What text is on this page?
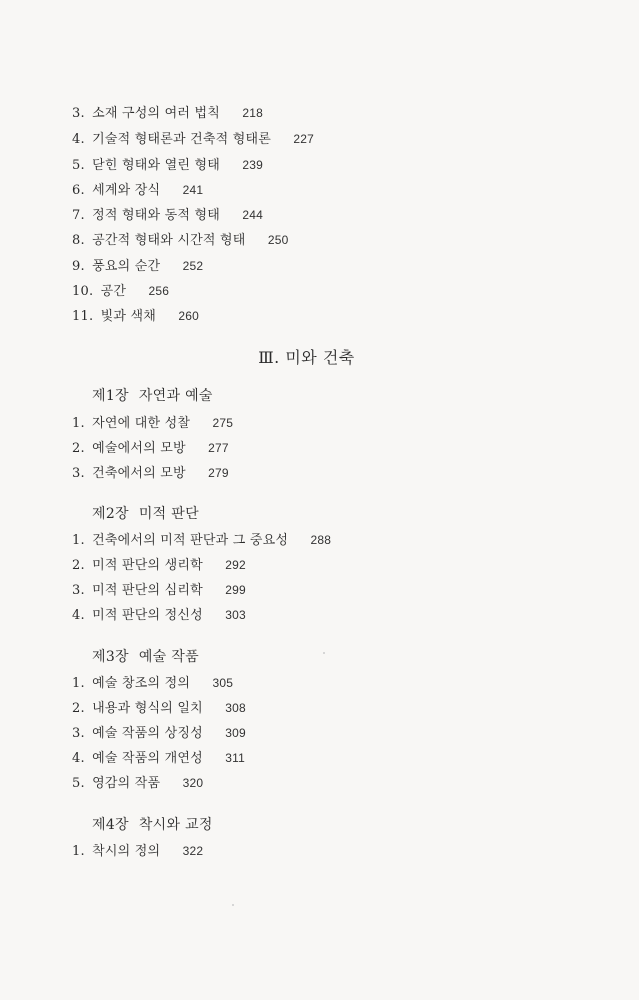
3. 소재 구성의 여러 법칙 218
4. 기술적 형태론과 건축적 형태론 227
5. 닫힌 형태와 열린 형태 239
6. 세계와 장식 241
7. 정적 형태와 동적 형태 244
8. 공간적 형태와 시간적 형태 250
9. 풍요의 순간 252
10. 공간 256
11. 빛과 색채 260
Ⅲ. 미와 건축
제1장 자연과 예술
1. 자연에 대한 성찰 275
2. 예술에서의 모방 277
3. 건축에서의 모방 279
제2장 미적 판단
1. 건축에서의 미적 판단과 그 중요성 288
2. 미적 판단의 생리학 292
3. 미적 판단의 심리학 299
4. 미적 판단의 정신성 303
제3장 예술 작품
1. 예술 창조의 정의 305
2. 내용과 형식의 일치 308
3. 예술 작품의 상징성 309
4. 예술 작품의 개연성 311
5. 영감의 작품 320
제4장 착시와 교정
1. 착시의 정의 322
